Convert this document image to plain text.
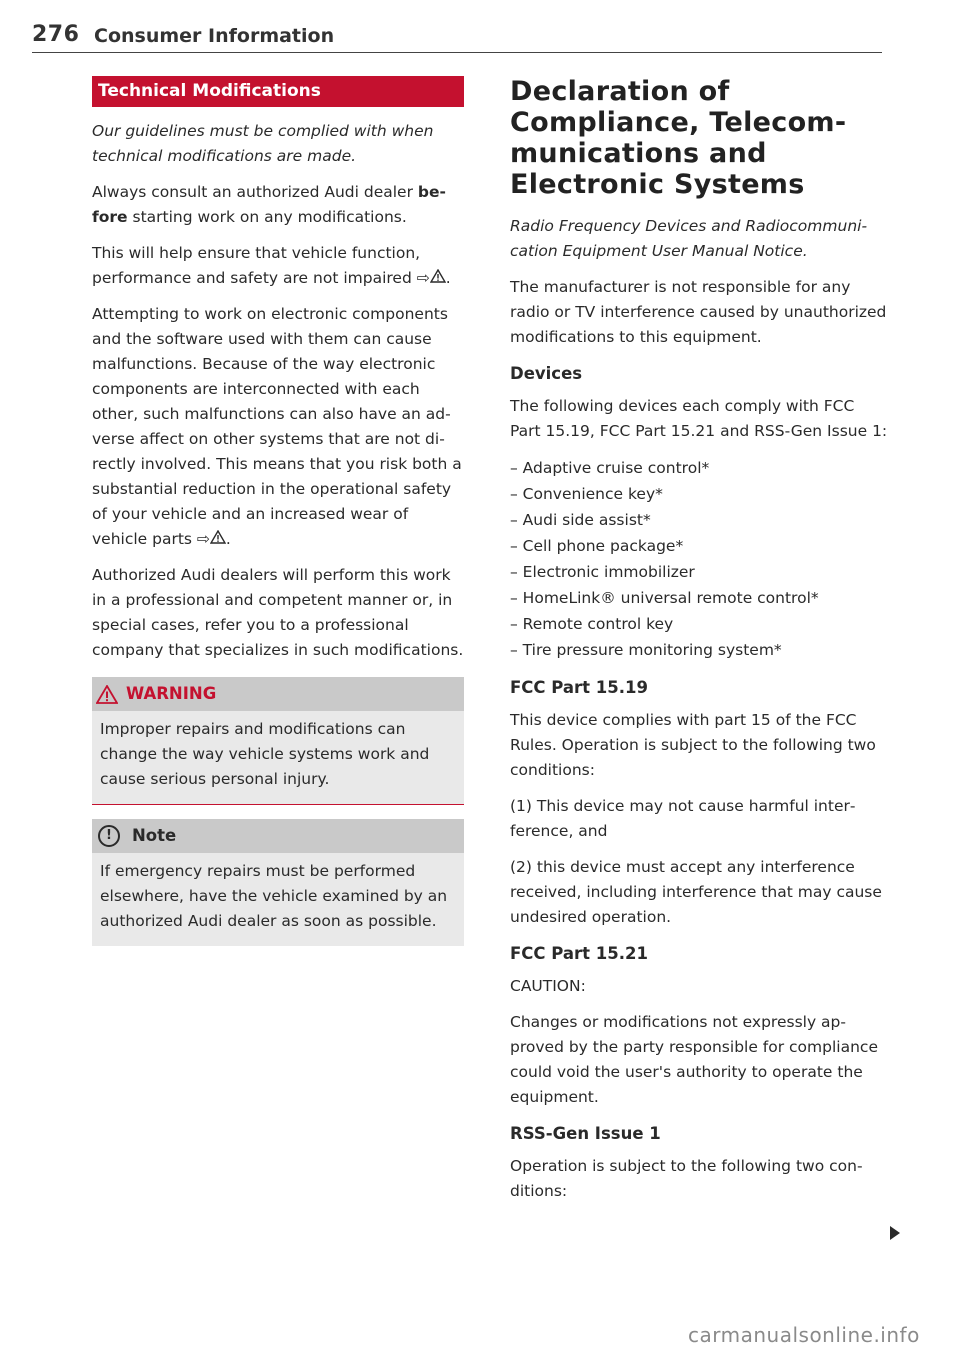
276 Consumer Information
Technical Modifications

Our guidelines must be complied with when technical modifications are made.

Always consult an authorized Audi dealer before starting work on any modifications.

This will help ensure that vehicle function, performance and safety are not impaired ⇨ .

Attempting to work on electronic components and the software used with them can cause malfunctions. Because of the way electronic components are interconnected with each other, such malfunctions can also have an adverse affect on other systems that are not directly involved. This means that you risk both a substantial reduction in the operational safety of your vehicle and an increased wear of vehicle parts ⇨ .

Authorized Audi dealers will perform this work in a professional and competent manner or, in special cases, refer you to a professional company that specializes in such modifications.

WARNING
Improper repairs and modifications can change the way vehicle systems work and cause serious personal injury.
!	Note
If emergency repairs must be performed elsewhere, have the vehicle examined by an authorized Audi dealer as soon as possible.
Declaration of Compliance, Telecommunications and Electronic Systems

Radio Frequency Devices and Radiocommunication Equipment User Manual Notice.

The manufacturer is not responsible for any radio or TV interference caused by unauthorized modifications to this equipment.

Devices

The following devices each comply with FCC Part 15.19, FCC Part 15.21 and RSS-Gen Issue 1:

– Adaptive cruise control*
– Convenience key*
– Audi side assist*
– Cell phone package*
– Electronic immobilizer
– HomeLink® universal remote control*
– Remote control key
– Tire pressure monitoring system*
FCC Part 15.19

This device complies with part 15 of the FCC Rules. Operation is subject to the following two conditions:

(1) This device may not cause harmful interference, and

(2) this device must accept any interference received, including interference that may cause undesired operation.

FCC Part 15.21

CAUTION:

Changes or modifications not expressly approved by the party responsible for compliance could void the user's authority to operate the equipment.

RSS-Gen Issue 1

Operation is subject to the following two conditions:

carmanualsonline.info
